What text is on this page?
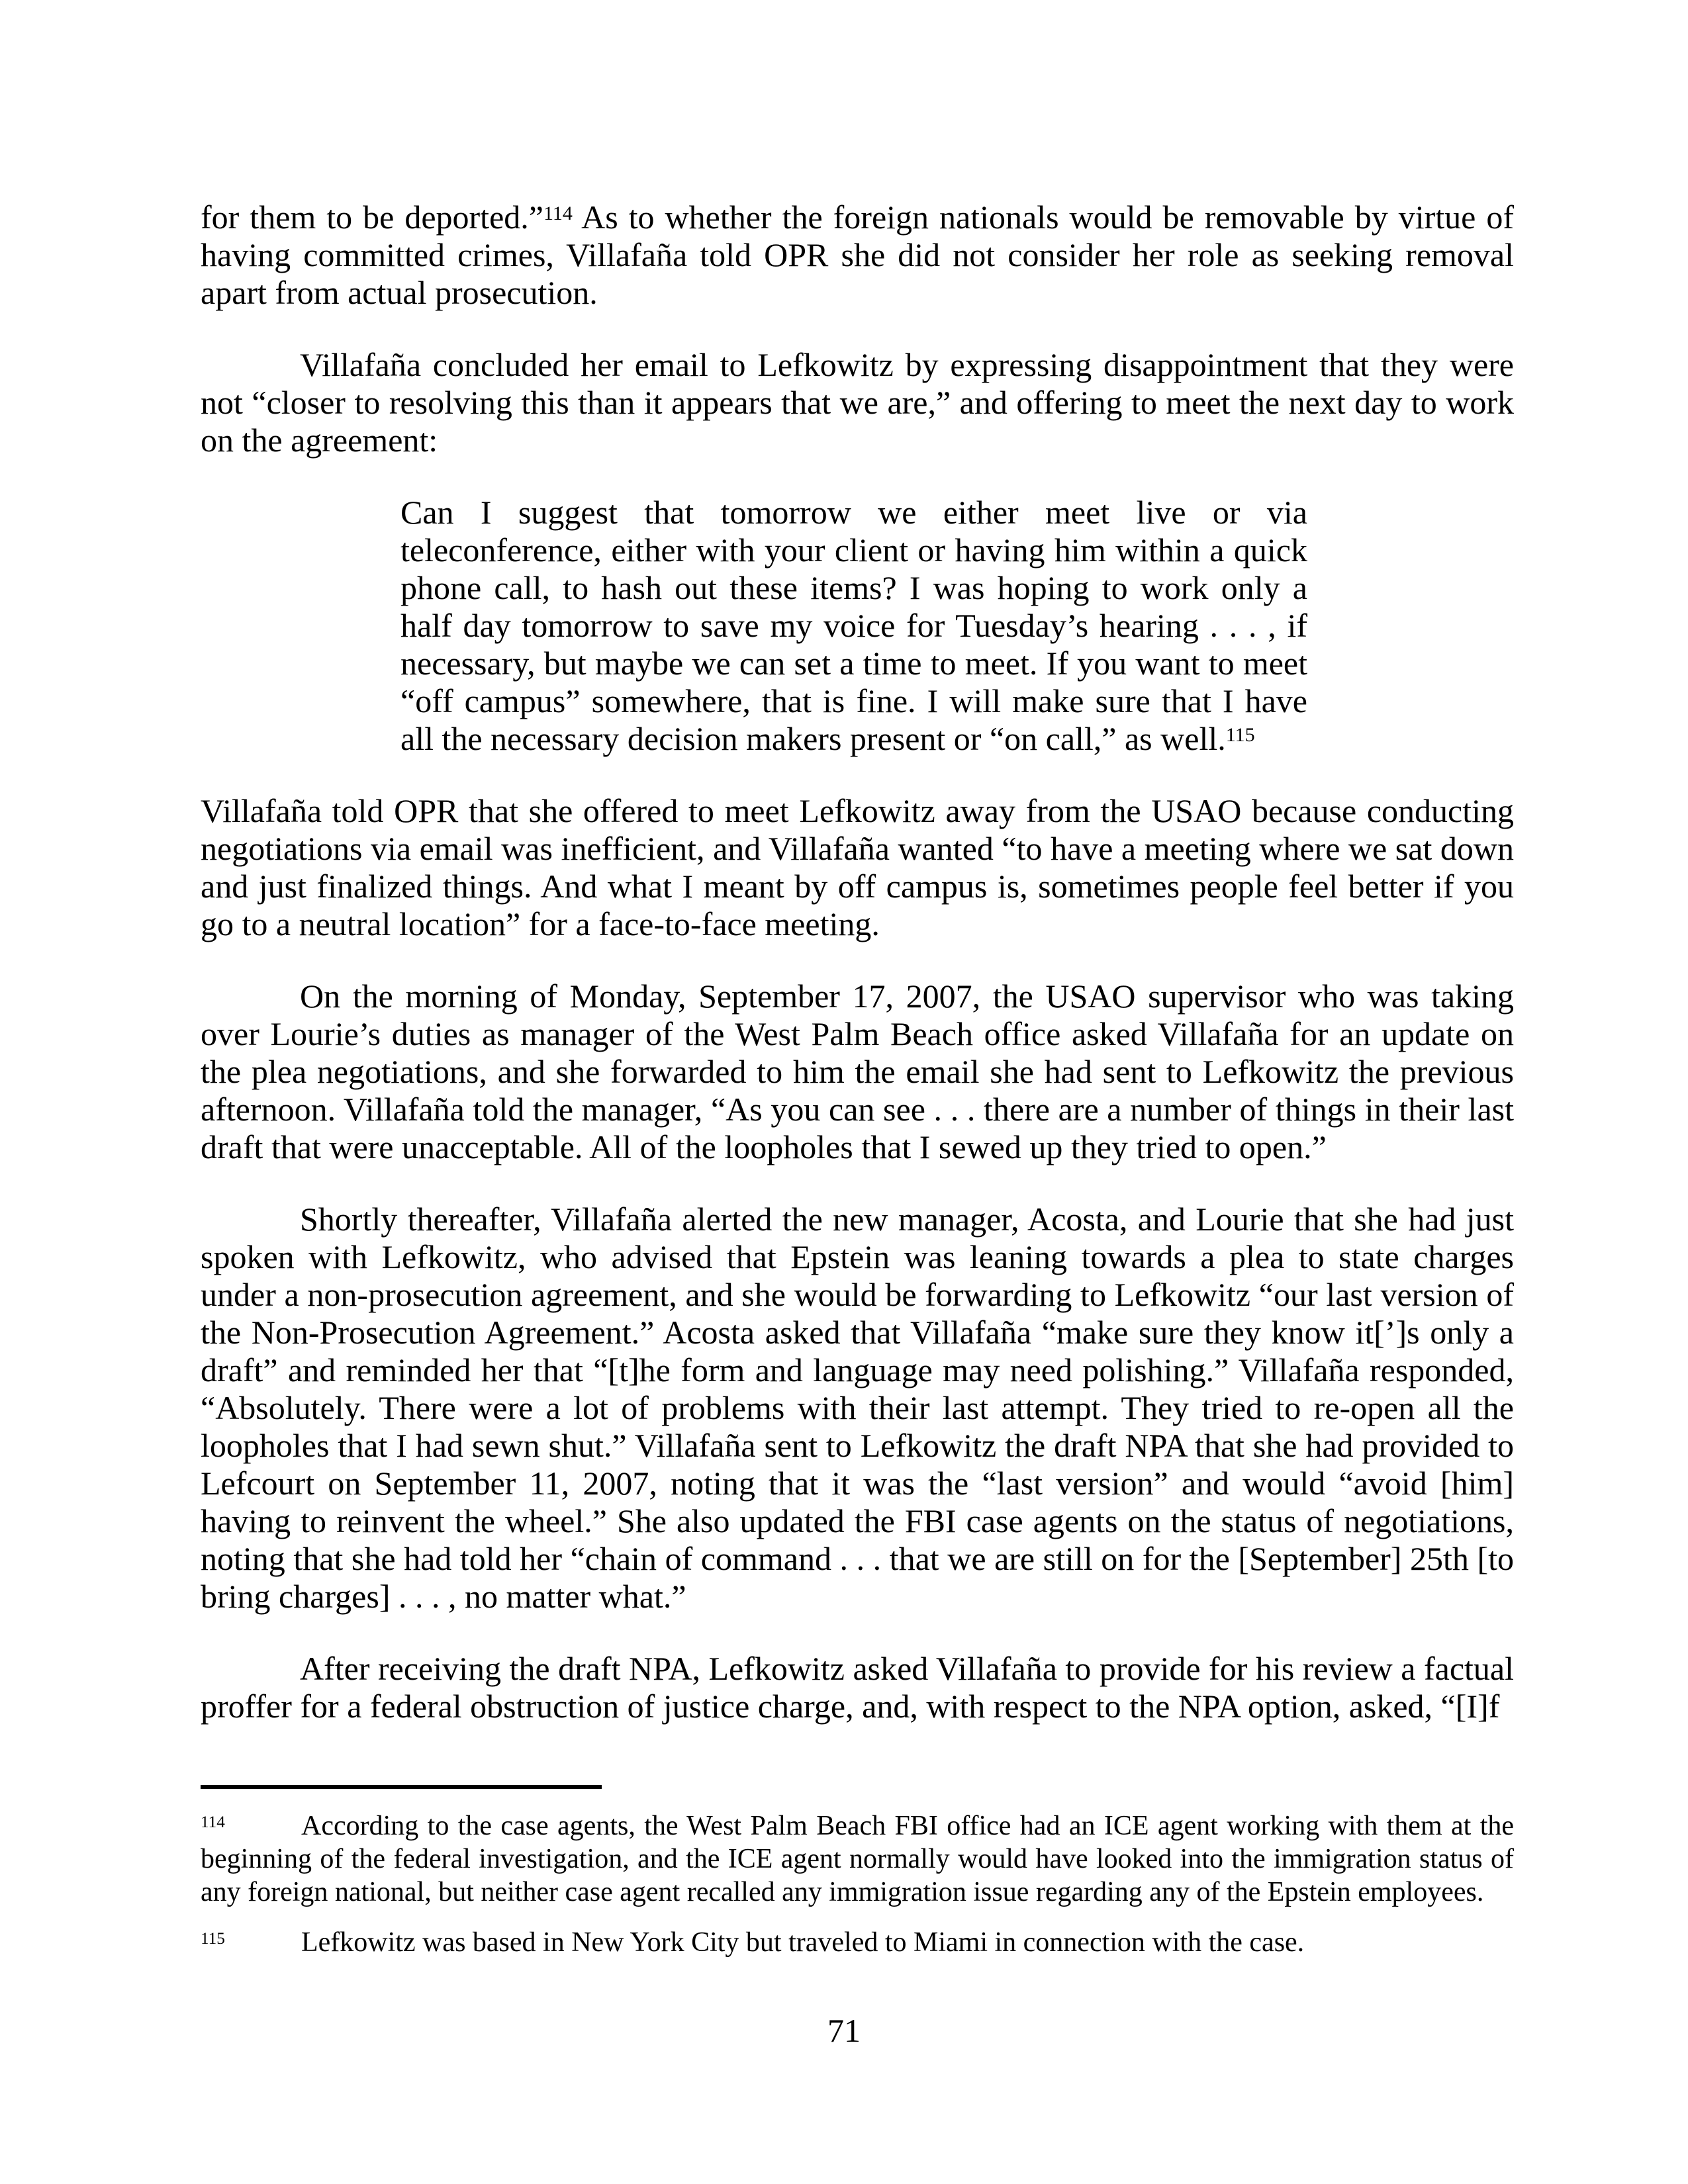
for them to be deported.”$^{114}$ As to whether the foreign nationals would be removable by virtue of having committed crimes, Villafaña told OPR she did not consider her role as seeking removal apart from actual prosecution.

Villafaña concluded her email to Lefkowitz by expressing disappointment that they were not “closer to resolving this than it appears that we are,” and offering to meet the next day to work on the agreement:

Can I suggest that tomorrow we either meet live or via teleconference, either with your client or having him within a quick phone call, to hash out these items? I was hoping to work only a half day tomorrow to save my voice for Tuesday’s hearing . . . , if necessary, but maybe we can set a time to meet. If you want to meet “off campus” somewhere, that is fine. I will make sure that I have all the necessary decision makers present or “on call,” as well.$^{115}$

Villafaña told OPR that she offered to meet Lefkowitz away from the USAO because conducting negotiations via email was inefficient, and Villafaña wanted “to have a meeting where we sat down and just finalized things. And what I meant by off campus is, sometimes people feel better if you go to a neutral location” for a face-to-face meeting.

On the morning of Monday, September 17, 2007, the USAO supervisor who was taking over Lourie’s duties as manager of the West Palm Beach office asked Villafaña for an update on the plea negotiations, and she forwarded to him the email she had sent to Lefkowitz the previous afternoon. Villafaña told the manager, “As you can see . . . there are a number of things in their last draft that were unacceptable. All of the loopholes that I sewed up they tried to open.”

Shortly thereafter, Villafaña alerted the new manager, Acosta, and Lourie that she had just spoken with Lefkowitz, who advised that Epstein was leaning towards a plea to state charges under a non-prosecution agreement, and she would be forwarding to Lefkowitz “our last version of the Non-Prosecution Agreement.” Acosta asked that Villafaña “make sure they know it[’]s only a draft” and reminded her that “[t]he form and language may need polishing.” Villafaña responded, “Absolutely. There were a lot of problems with their last attempt. They tried to re-open all the loopholes that I had sewn shut.” Villafaña sent to Lefkowitz the draft NPA that she had provided to Lefcourt on September 11, 2007, noting that it was the “last version” and would “avoid [him] having to reinvent the wheel.” She also updated the FBI case agents on the status of negotiations, noting that she had told her “chain of command . . . that we are still on for the [September] 25th [to bring charges] . . . , no matter what.”

After receiving the draft NPA, Lefkowitz asked Villafaña to provide for his review a factual proffer for a federal obstruction of justice charge, and, with respect to the NPA option, asked, “[I]f

$^{114}$	According to the case agents, the West Palm Beach FBI office had an ICE agent working with them at the beginning of the federal investigation, and the ICE agent normally would have looked into the immigration status of any foreign national, but neither case agent recalled any immigration issue regarding any of the Epstein employees.

$^{115}$	Lefkowitz was based in New York City but traveled to Miami in connection with the case.

71
